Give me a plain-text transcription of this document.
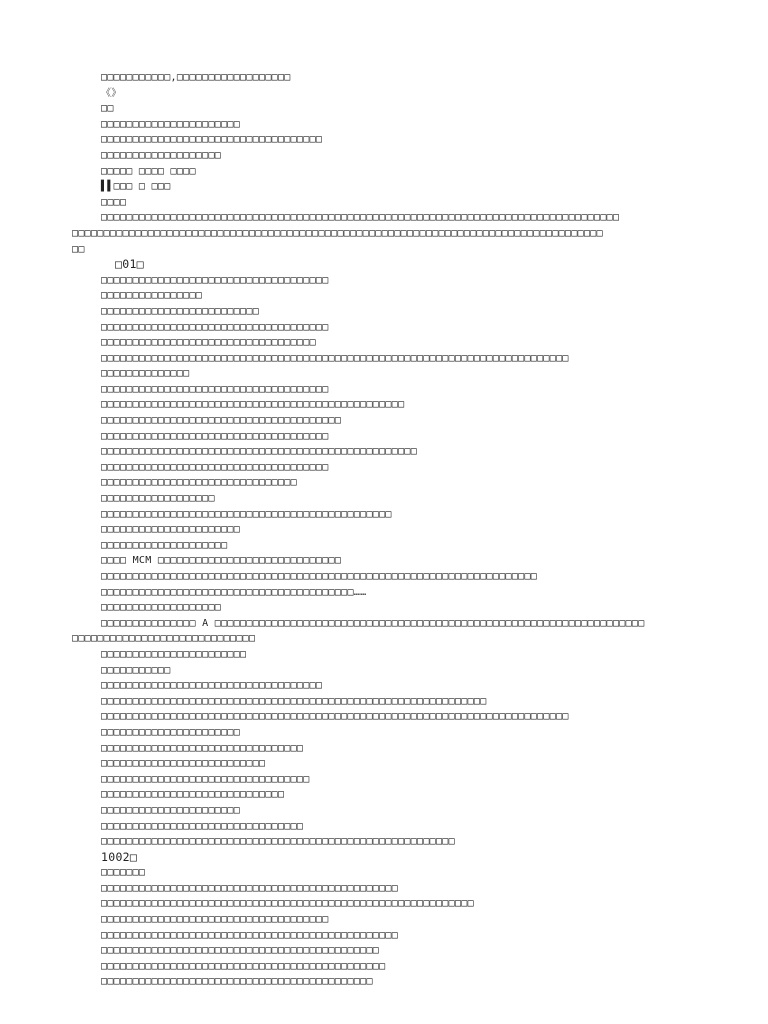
□□□□□□□□□□□,□□□□□□□□□□□□□□□□□□
《》
□□
□□□□□□□□□□□□□□□□□□□□□□
□□□□□□□□□□□□□□□□□□□□□□□□□□□□□□□□□□□
□□□□□□□□□□□□□□□□□□□
□□□□□ □□□□ □□□□
▌▌□□□ □ □□□
□□□□
□□□□□□□□□□□□□□□□□□□□□□□□□□□□□□□□□□□□□□□□□□□□□□□□□□□□□□□□□□□□□□□□□□□□□□□□□□□□□□□□□□
□□□□□□□□□□□□□□□□□□□□□□□□□□□□□□□□□□□□□□□□□□□□□□□□□□□□□□□□□□□□□□□□□□□□□□□□□□□□□□□□□□□□
□□
□01□
□□□□□□□□□□□□□□□□□□□□□□□□□□□□□□□□□□□□
□□□□□□□□□□□□□□□□
□□□□□□□□□□□□□□□□□□□□□□□□□
□□□□□□□□□□□□□□□□□□□□□□□□□□□□□□□□□□□□
□□□□□□□□□□□□□□□□□□□□□□□□□□□□□□□□□□
□□□□□□□□□□□□□□□□□□□□□□□□□□□□□□□□□□□□□□□□□□□□□□□□□□□□□□□□□□□□□□□□□□□□□□□□□□
□□□□□□□□□□□□□□
□□□□□□□□□□□□□□□□□□□□□□□□□□□□□□□□□□□□
□□□□□□□□□□□□□□□□□□□□□□□□□□□□□□□□□□□□□□□□□□□□□□□□
□□□□□□□□□□□□□□□□□□□□□□□□□□□□□□□□□□□□□□
□□□□□□□□□□□□□□□□□□□□□□□□□□□□□□□□□□□□
□□□□□□□□□□□□□□□□□□□□□□□□□□□□□□□□□□□□□□□□□□□□□□□□□□
□□□□□□□□□□□□□□□□□□□□□□□□□□□□□□□□□□□□
□□□□□□□□□□□□□□□□□□□□□□□□□□□□□□□
□□□□□□□□□□□□□□□□□□
□□□□□□□□□□□□□□□□□□□□□□□□□□□□□□□□□□□□□□□□□□□□□□
□□□□□□□□□□□□□□□□□□□□□□
□□□□□□□□□□□□□□□□□□□□
□□□□ MCM □□□□□□□□□□□□□□□□□□□□□□□□□□□□□
□□□□□□□□□□□□□□□□□□□□□□□□□□□□□□□□□□□□□□□□□□□□□□□□□□□□□□□□□□□□□□□□□□□□□
□□□□□□□□□□□□□□□□□□□□□□□□□□□□□□□□□□□□□□□□……
□□□□□□□□□□□□□□□□□□□
□□□□□□□□□□□□□□□ A □□□□□□□□□□□□□□□□□□□□□□□□□□□□□□□□□□□□□□□□□□□□□□□□□□□□□□□□□□□□□□□□□□□□
□□□□□□□□□□□□□□□□□□□□□□□□□□□□□
□□□□□□□□□□□□□□□□□□□□□□□
□□□□□□□□□□□
□□□□□□□□□□□□□□□□□□□□□□□□□□□□□□□□□□□
□□□□□□□□□□□□□□□□□□□□□□□□□□□□□□□□□□□□□□□□□□□□□□□□□□□□□□□□□□□□□
□□□□□□□□□□□□□□□□□□□□□□□□□□□□□□□□□□□□□□□□□□□□□□□□□□□□□□□□□□□□□□□□□□□□□□□□□□
□□□□□□□□□□□□□□□□□□□□□□
□□□□□□□□□□□□□□□□□□□□□□□□□□□□□□□□
□□□□□□□□□□□□□□□□□□□□□□□□□□
□□□□□□□□□□□□□□□□□□□□□□□□□□□□□□□□□
□□□□□□□□□□□□□□□□□□□□□□□□□□□□□
□□□□□□□□□□□□□□□□□□□□□□
□□□□□□□□□□□□□□□□□□□□□□□□□□□□□□□□
□□□□□□□□□□□□□□□□□□□□□□□□□□□□□□□□□□□□□□□□□□□□□□□□□□□□□□□□
1002□
□□□□□□□
□□□□□□□□□□□□□□□□□□□□□□□□□□□□□□□□□□□□□□□□□□□□□□□
□□□□□□□□□□□□□□□□□□□□□□□□□□□□□□□□□□□□□□□□□□□□□□□□□□□□□□□□□□□
□□□□□□□□□□□□□□□□□□□□□□□□□□□□□□□□□□□□
□□□□□□□□□□□□□□□□□□□□□□□□□□□□□□□□□□□□□□□□□□□□□□□
□□□□□□□□□□□□□□□□□□□□□□□□□□□□□□□□□□□□□□□□□□□□
□□□□□□□□□□□□□□□□□□□□□□□□□□□□□□□□□□□□□□□□□□□□□
□□□□□□□□□□□□□□□□□□□□□□□□□□□□□□□□□□□□□□□□□□□
